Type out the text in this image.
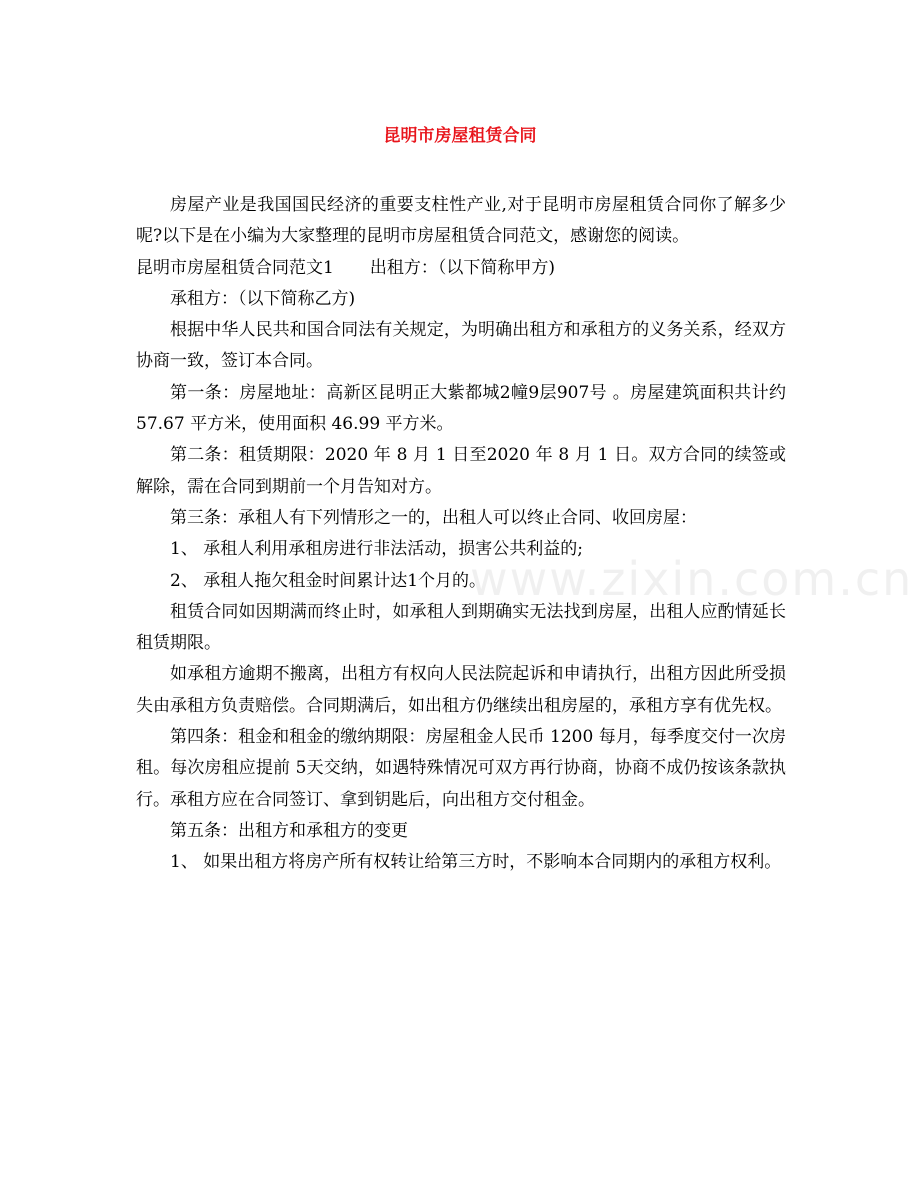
昆明市房屋租赁合同
www.zixin.com.cn

房屋产业是我国国民经济的重要支柱性产业,对于昆明市房屋租赁合同你了解多少呢?以下是在小编为大家整理的昆明市房屋租赁合同范文，感谢您的阅读。

昆明市房屋租赁合同范文1 出租方：（以下简称甲方)

承租方：（以下简称乙方)

根据中华人民共和国合同法有关规定，为明确出租方和承租方的义务关系，经双方协商一致，签订本合同。

第一条：房屋地址：高新区昆明正大紫都城2幢9层907号 。房屋建筑面积共计约57.67 平方米，使用面积 46.99 平方米。

第二条：租赁期限：2020 年 8 月 1 日至2020 年 8 月 1 日。双方合同的续签或解除，需在合同到期前一个月告知对方。

第三条：承租人有下列情形之一的，出租人可以终止合同、收回房屋：

1、 承租人利用承租房进行非法活动，损害公共利益的;

2、 承租人拖欠租金时间累计达1个月的。

租赁合同如因期满而终止时，如承租人到期确实无法找到房屋，出租人应酌情延长租赁期限。

如承租方逾期不搬离，出租方有权向人民法院起诉和申请执行，出租方因此所受损失由承租方负责赔偿。合同期满后，如出租方仍继续出租房屋的，承租方享有优先权。

第四条：租金和租金的缴纳期限：房屋租金人民币 1200 每月，每季度交付一次房租。每次房租应提前 5天交纳，如遇特殊情况可双方再行协商，协商不成仍按该条款执行。承租方应在合同签订、拿到钥匙后，向出租方交付租金。

第五条：出租方和承租方的变更

1、 如果出租方将房产所有权转让给第三方时，不影响本合同期内的承租方权利。
